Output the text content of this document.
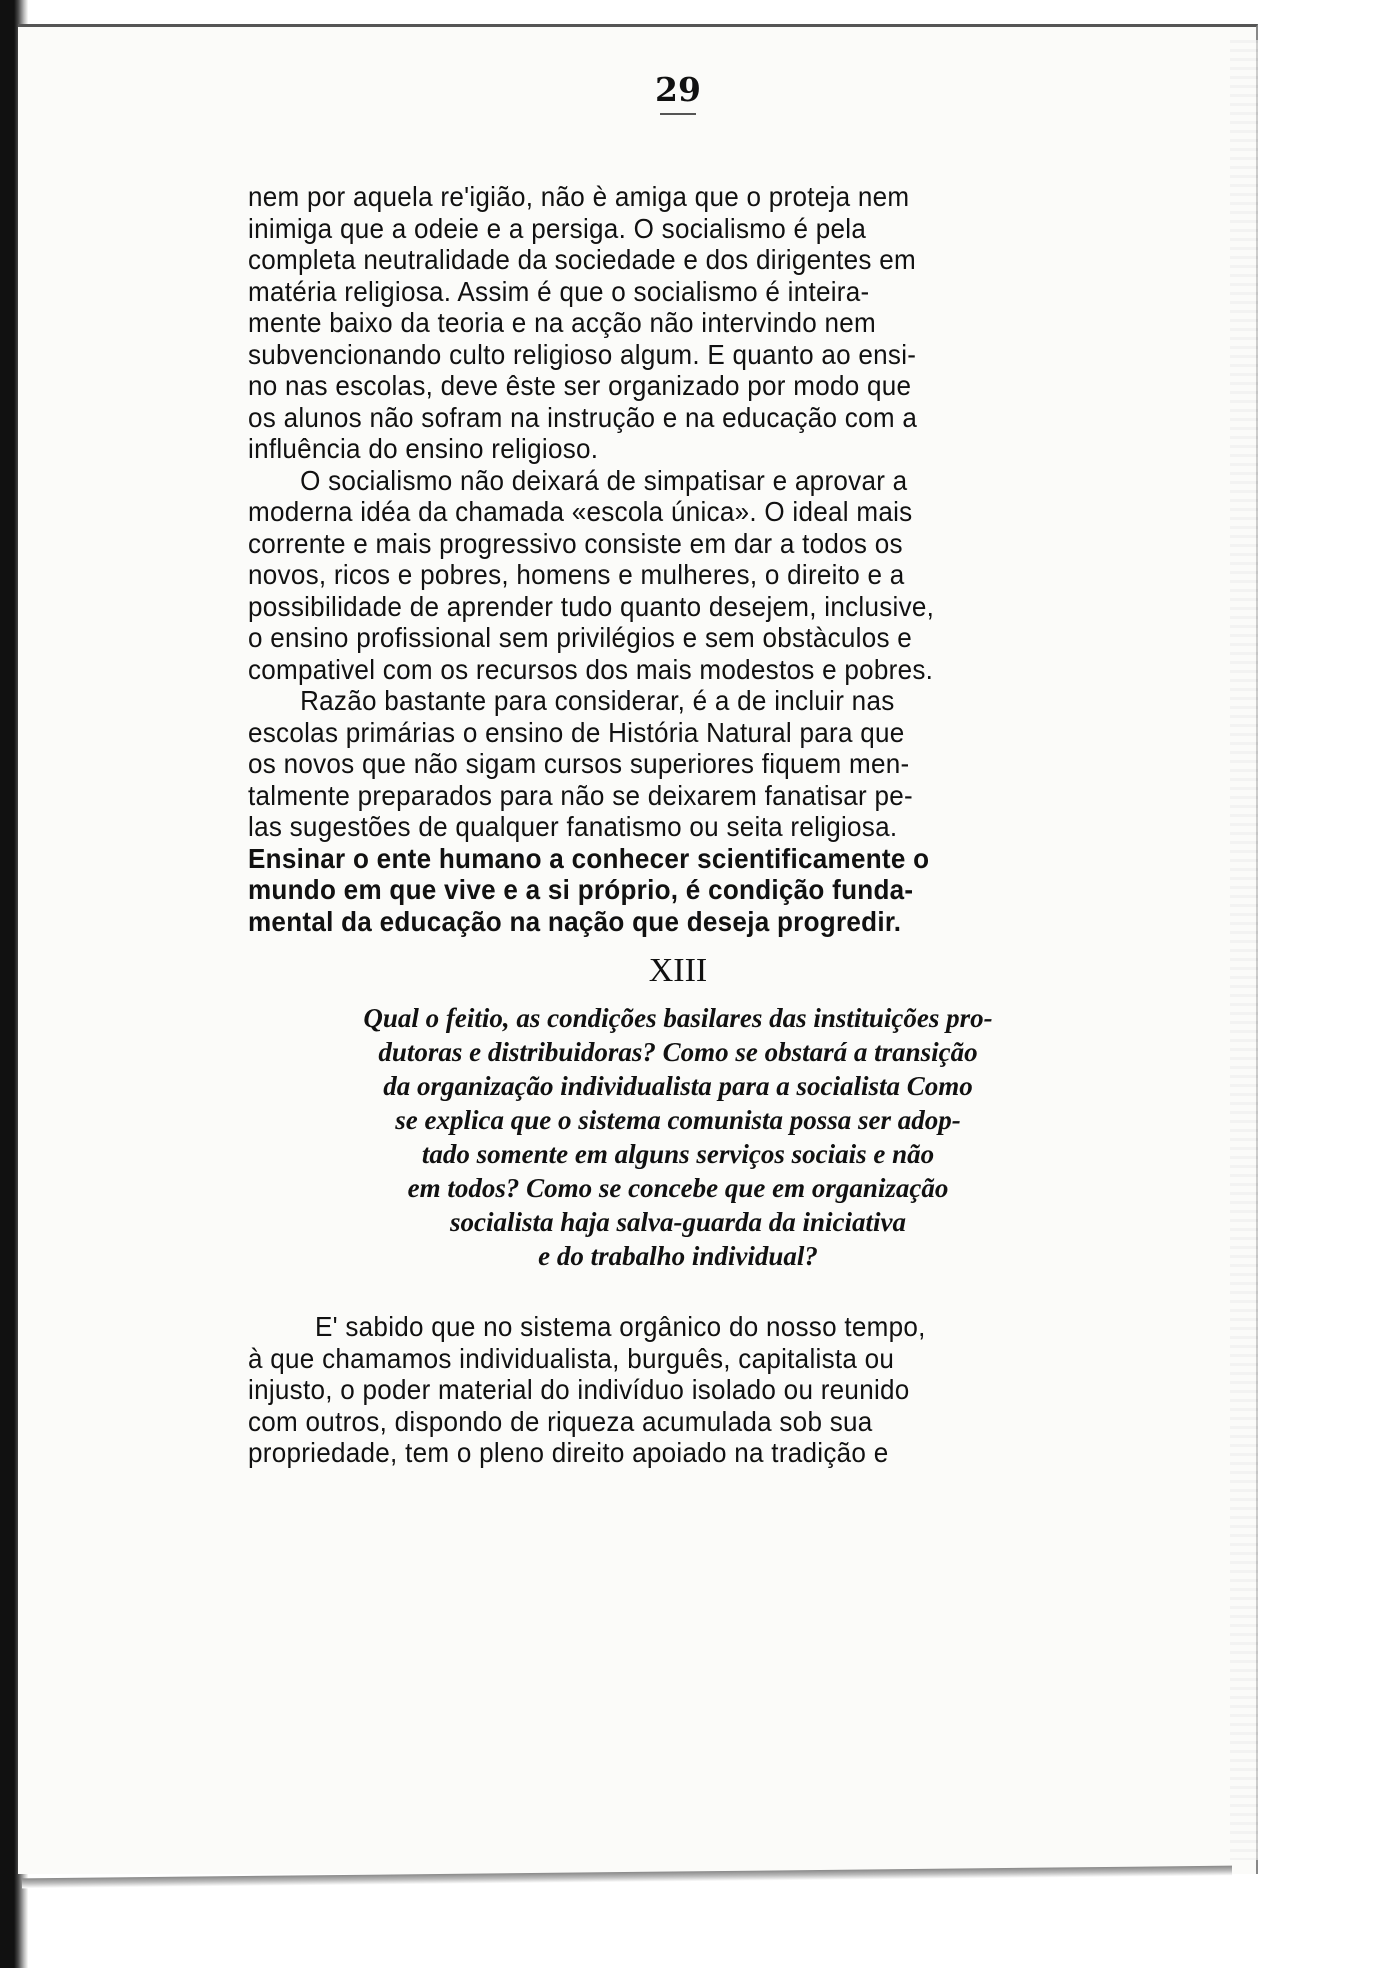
29
nem por aquela re'igião, não è amiga que o proteja nem
inimiga que a odeie e a persiga. O socialismo é pela
completa neutralidade da sociedade e dos dirigentes em
matéria religiosa. Assim é que o socialismo é inteira-
mente baixo da teoria e na acção não intervindo nem
subvencionando culto religioso algum. E quanto ao ensi-
no nas escolas, deve êste ser organizado por modo que
os alunos não sofram na instrução e na educação com a
influência do ensino religioso.
O socialismo não deixará de simpatisar e aprovar a
moderna idéa da chamada «escola única». O ideal mais
corrente e mais progressivo consiste em dar a todos os
novos, ricos e pobres, homens e mulheres, o direito e a
possibilidade de aprender tudo quanto desejem, inclusive,
o ensino profissional sem privilégios e sem obstàculos e
compativel com os recursos dos mais modestos e pobres.
Razão bastante para considerar, é a de incluir nas
escolas primárias o ensino de História Natural para que
os novos que não sigam cursos superiores fiquem men-
talmente preparados para não se deixarem fanatisar pe-
las sugestões de qualquer fanatismo ou seita religiosa.
Ensinar o ente humano a conhecer scientificamente o
mundo em que vive e a si próprio, é condição funda-
mental da educação na nação que deseja progredir.
XIII
Qual o feitio, as condições basilares das instituições pro-
dutoras e distribuidoras? Como se obstará a transição
da organização individualista para a socialista Como
se explica que o sistema comunista possa ser adop-
tado somente em alguns serviços sociais e não
em todos? Como se concebe que em organização
socialista haja salva-guarda da iniciativa
e do trabalho individual?
E' sabido que no sistema orgânico do nosso tempo,
à que chamamos individualista, burguês, capitalista ou
injusto, o poder material do indivíduo isolado ou reunido
com outros, dispondo de riqueza acumulada sob sua
propriedade, tem o pleno direito apoiado na tradição e
